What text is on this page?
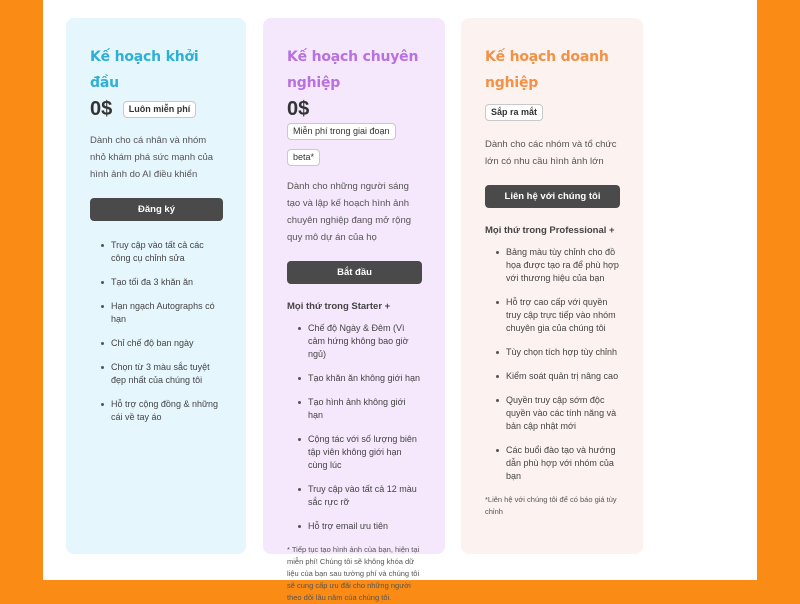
Kế hoạch khởi đầu
0$ Luôn miễn phí
Dành cho cá nhân và nhóm nhỏ khám phá sức mạnh của hình ảnh do AI điều khiển
Đăng ký
Truy cập vào tất cả các công cụ chỉnh sửa
Tạo tối đa 3 khăn ăn
Hạn ngạch Autographs có hạn
Chỉ chế độ ban ngày
Chọn từ 3 màu sắc tuyệt đẹp nhất của chúng tôi
Hỗ trợ cộng đồng & những cái về tay áo
Kế hoạch chuyên
nghiệp
0$ Miễn phí trong giai đoạn
beta*
Dành cho những người sáng tạo và lập kế hoạch hình ảnh chuyên nghiệp đang mở rộng quy mô dự án của họ
Bắt đầu
Mọi thứ trong Starter +
Chế độ Ngày & Đêm (Vì cảm hứng không bao giờ ngủ)
Tạo khăn ăn không giới hạn
Tạo hình ảnh không giới hạn
Cộng tác với số lượng biên tập viên không giới hạn cùng lúc
Truy cập vào tất cả 12 màu sắc rực rỡ
Hỗ trợ email ưu tiên
* Tiếp tục tạo hình ảnh của bạn, hiện tại miễn phí! Chúng tôi sẽ không khóa dữ liệu của bạn sau tường phí và chúng tôi sẽ cung cấp ưu đãi cho những người theo dõi lâu năm của chúng tôi.
Kế hoạch doanh
nghiệp
Sắp ra mắt
Dành cho các nhóm và tổ chức lớn có nhu cầu hình ảnh lớn
Liên hệ với chúng tôi
Mọi thứ trong Professional +
Bảng màu tùy chỉnh cho đồ họa được tạo ra để phù hợp với thương hiệu của bạn
Hỗ trợ cao cấp với quyền truy cập trực tiếp vào nhóm chuyên gia của chúng tôi
Tùy chọn tích hợp tùy chỉnh
Kiểm soát quản trị nâng cao
Quyền truy cập sớm độc quyền vào các tính năng và bản cập nhật mới
Các buổi đào tạo và hướng dẫn phù hợp với nhóm của bạn
*Liên hệ với chúng tôi để có báo giá tùy chỉnh
